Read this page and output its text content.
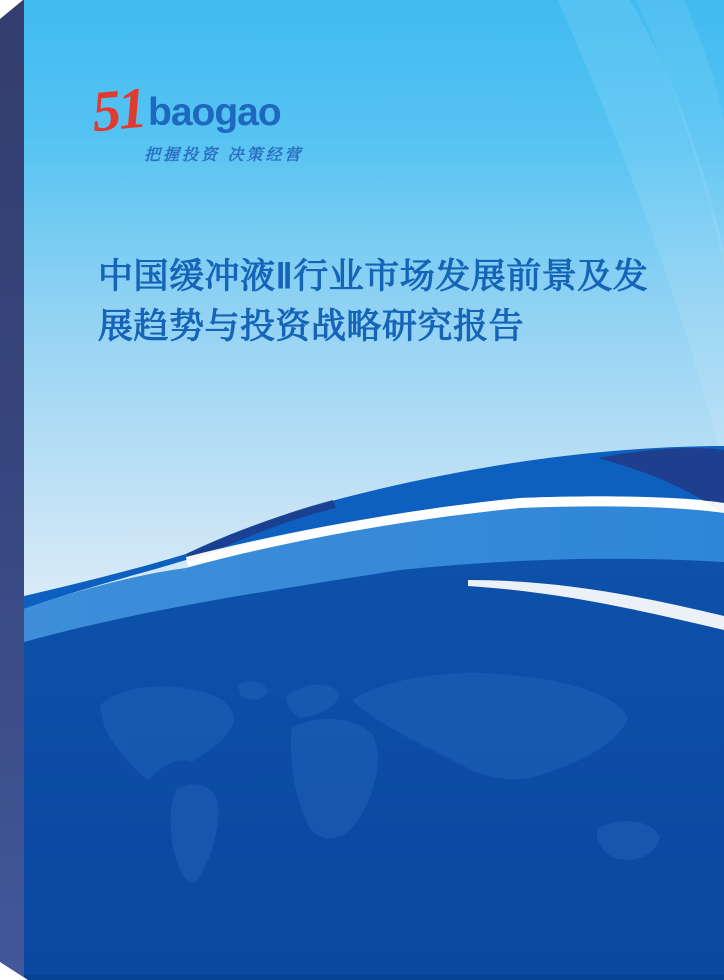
51 baogao
把握投资 决策经营
中国缓冲液Ⅱ行业市场发展前景及发
展趋势与投资战略研究报告
